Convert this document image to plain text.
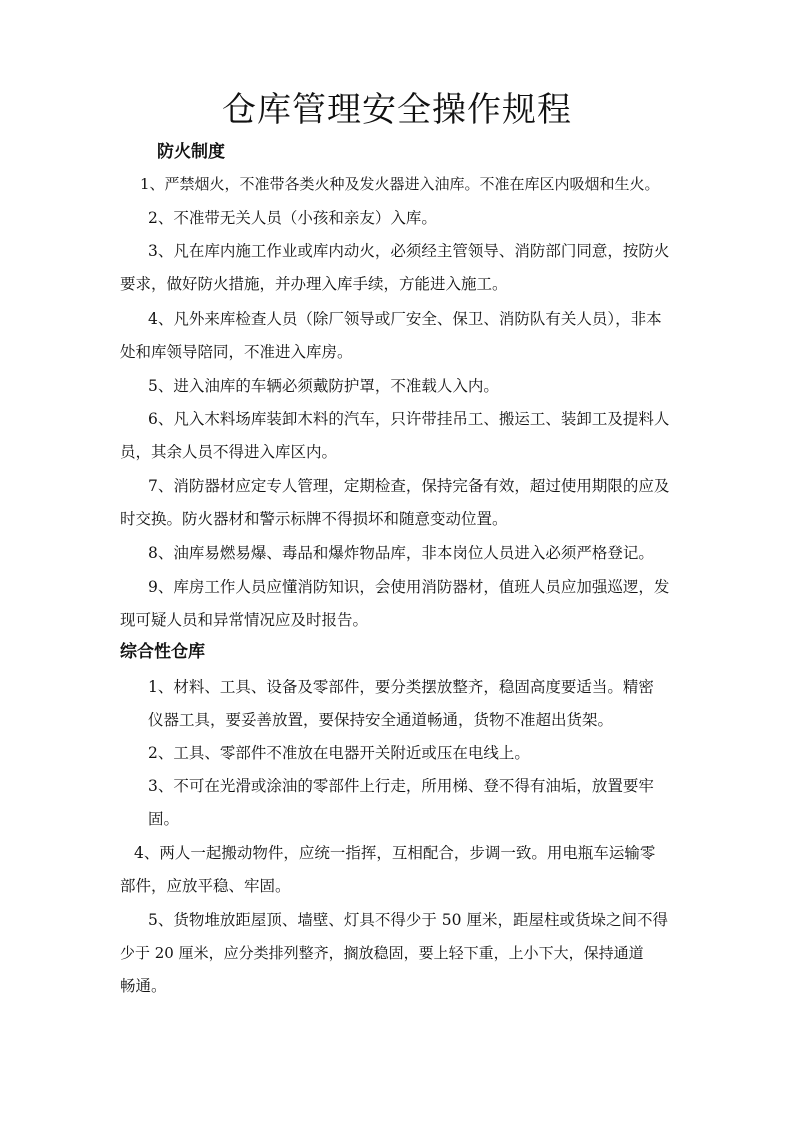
仓库管理安全操作规程
防火制度
1、严禁烟火，不准带各类火种及发火器进入油库。不准在库区内吸烟和生火。
2、不准带无关人员（小孩和亲友）入库。
3、凡在库内施工作业或库内动火，必须经主管领导、消防部门同意，按防火
要求，做好防火措施，并办理入库手续，方能进入施工。
4、凡外来库检查人员（除厂领导或厂安全、保卫、消防队有关人员），非本
处和库领导陪同，不准进入库房。
5、进入油库的车辆必须戴防护罩，不准载人入内。
6、凡入木料场库装卸木料的汽车，只许带挂吊工、搬运工、装卸工及提料人
员，其余人员不得进入库区内。
7、消防器材应定专人管理，定期检查，保持完备有效，超过使用期限的应及
时交换。防火器材和警示标牌不得损坏和随意变动位置。
8、油库易燃易爆、毒品和爆炸物品库，非本岗位人员进入必须严格登记。
9、库房工作人员应懂消防知识，会使用消防器材，值班人员应加强巡逻，发
现可疑人员和异常情况应及时报告。
综合性仓库
1、材料、工具、设备及零部件，要分类摆放整齐，稳固高度要适当。精密
仪器工具，要妥善放置，要保持安全通道畅通，货物不准超出货架。
2、工具、零部件不准放在电器开关附近或压在电线上。
3、不可在光滑或涂油的零部件上行走，所用梯、登不得有油垢，放置要牢
固。
4、两人一起搬动物件，应统一指挥，互相配合，步调一致。用电瓶车运输零
部件，应放平稳、牢固。
5、货物堆放距屋顶、墙壁、灯具不得少于 50 厘米，距屋柱或货垛之间不得
少于 20 厘米，应分类排列整齐，搁放稳固，要上轻下重，上小下大，保持通道
畅通。
